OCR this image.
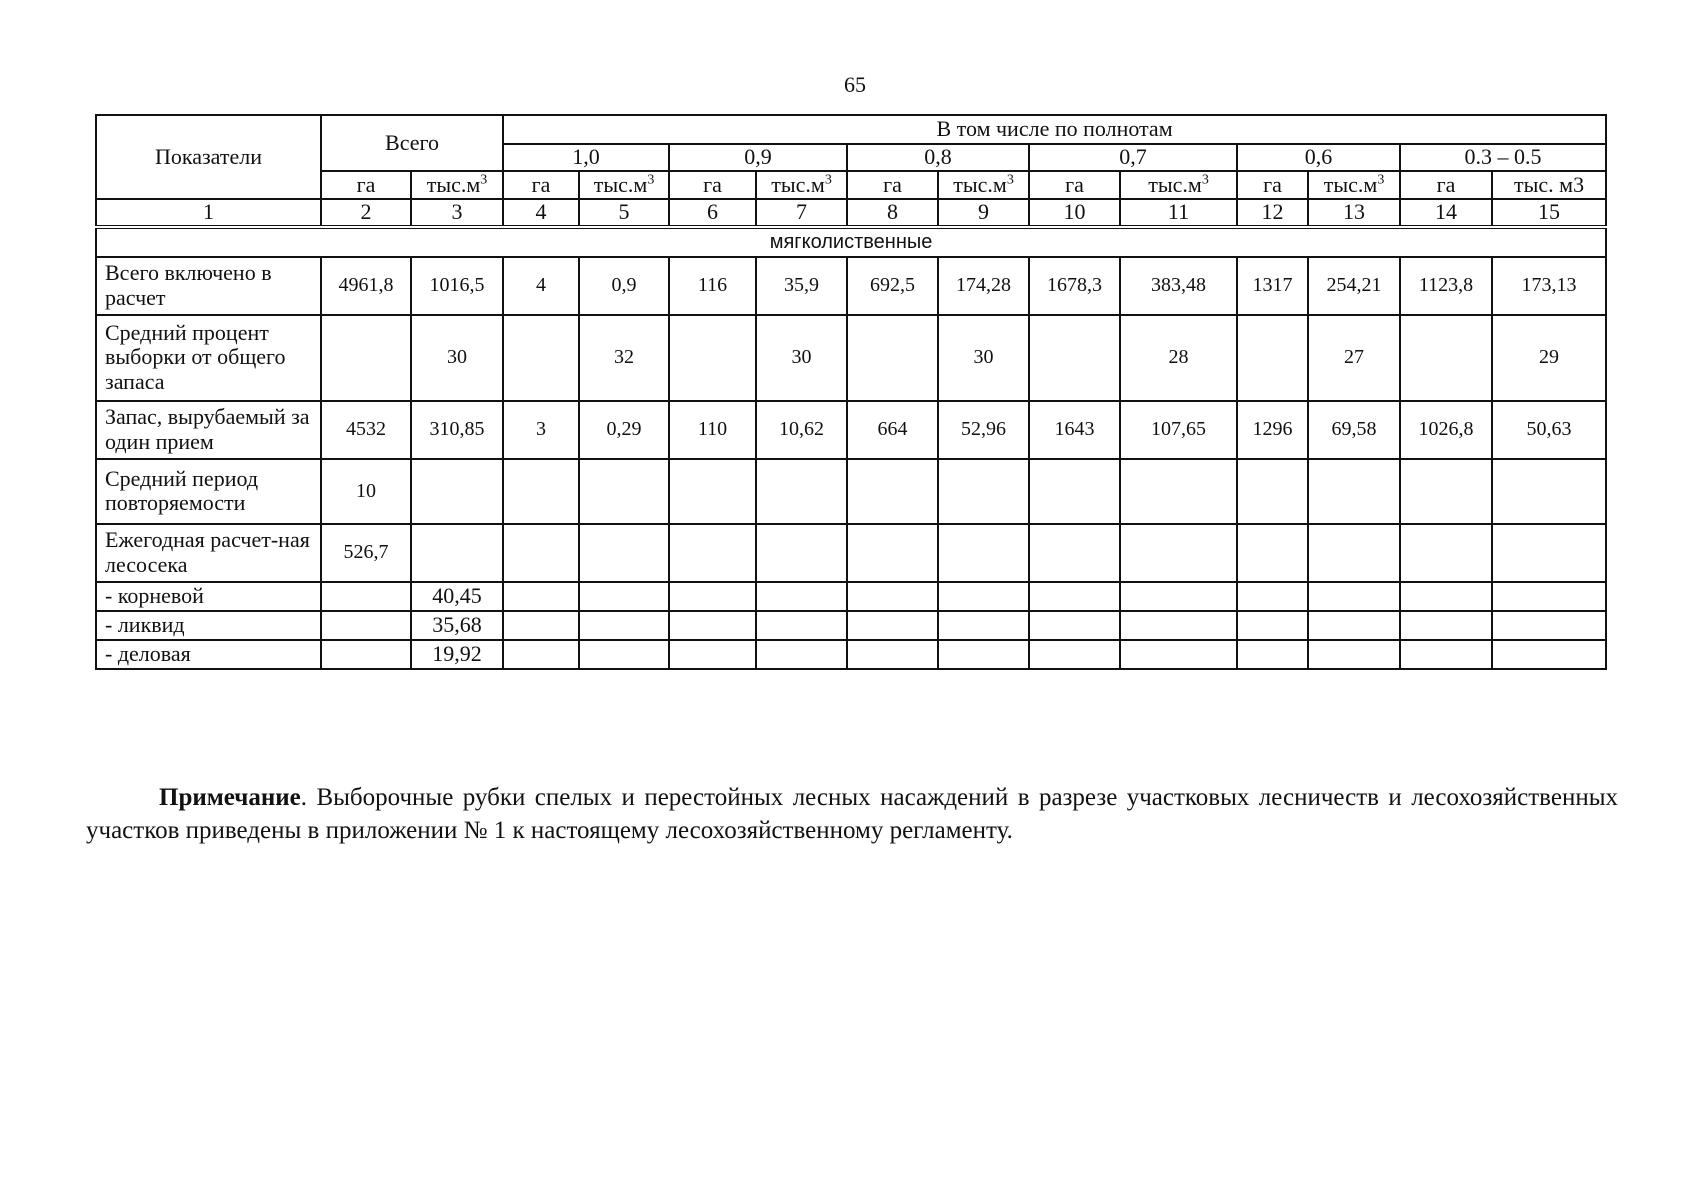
65
Показатели	Всего		В том числе по полнотам											
			1,0		0,9		0,8		0,7		0,6		0.3 – 0.5	
	га	$тыс.м^3$	га	$тыс.м^3$	га	$тыс.м^3$	га	$тыс.м^3$	га	$тыс.м^3$	га	$тыс.м^3$	га	тыс. м3
1	2	3	4	5	6	7	8	9	10	11	12	13	14	15
мягколиственные														
Всего включено в расчет	4961,8	1016,5	4	0,9	116	35,9	692,5	174,28	1678,3	383,48	1317	254,21	1123,8	173,13
Средний процент выборки от общего запаса		30		32		30		30		28		27		29
Запас, вырубаемый за один прием	4532	310,85	3	0,29	110	10,62	664	52,96	1643	107,65	1296	69,58	1026,8	50,63
Средний период повторяемости	10													
Ежегодная расчет-ная лесосека	526,7													
- корневой		40,45												
- ликвид		35,68												
- деловая		19,92												

Примечание. Выборочные рубки спелых и перестойных лесных насаждений в разрезе участковых лесничеств и лесохозяйственных участков приведены в приложении № 1 к настоящему лесохозяйственному регламенту.
